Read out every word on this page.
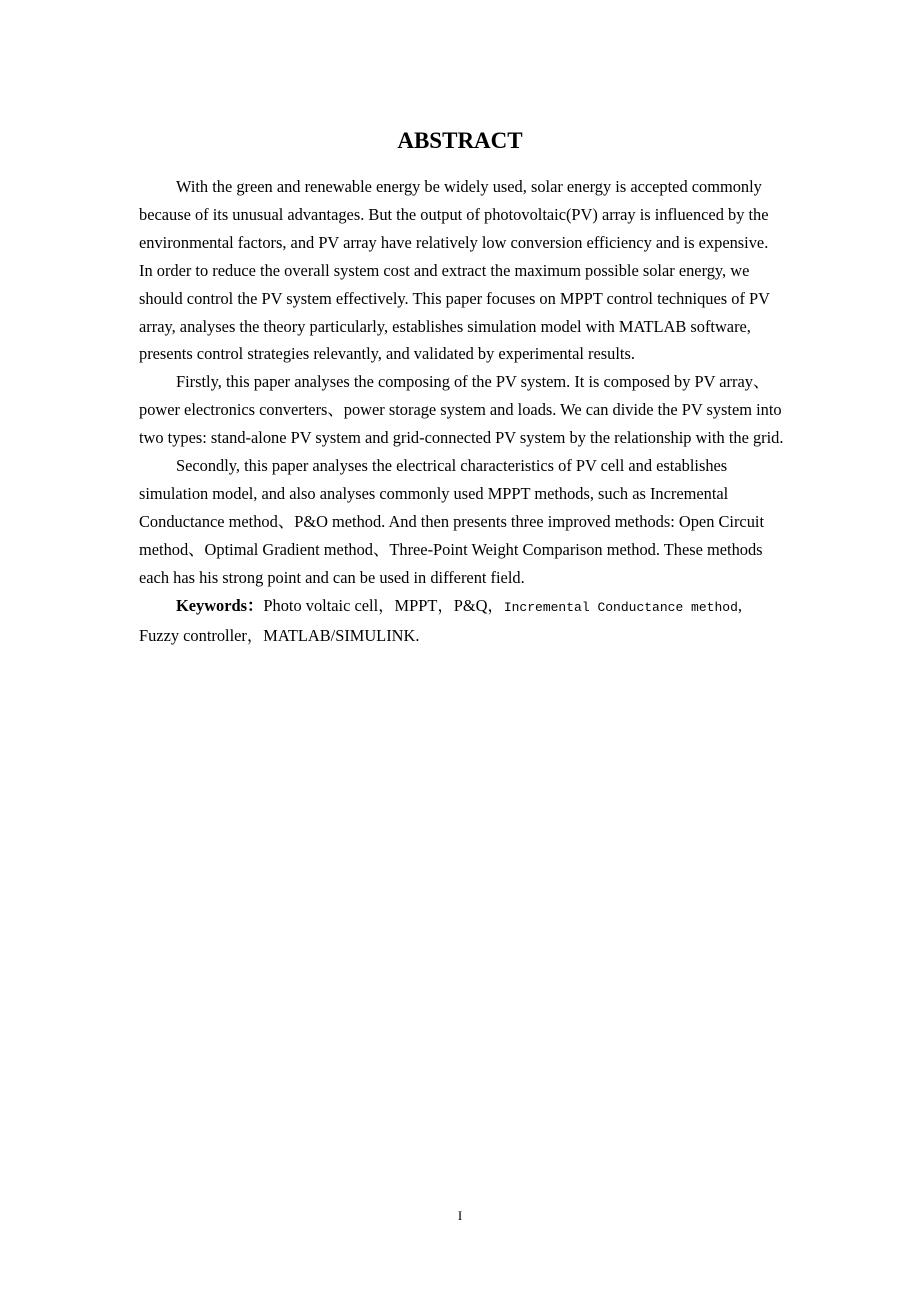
ABSTRACT

With the green and renewable energy be widely used, solar energy is accepted commonly because of its unusual advantages. But the output of photovoltaic(PV) array is influenced by the environmental factors, and PV array have relatively low conversion efficiency and is expensive. In order to reduce the overall system cost and extract the maximum possible solar energy, we should control the PV system effectively. This paper focuses on MPPT control techniques of PV array, analyses the theory particularly, establishes simulation model with MATLAB software, presents control strategies relevantly, and validated by experimental results.

Firstly, this paper analyses the composing of the PV system. It is composed by PV array、power electronics converters、power storage system and loads. We can divide the PV system into two types: stand-alone PV system and grid-connected PV system by the relationship with the grid.

Secondly, this paper analyses the electrical characteristics of PV cell and establishes simulation model, and also analyses commonly used MPPT methods, such as Incremental Conductance method、P&O method. And then presents three improved methods: Open Circuit method、Optimal Gradient method、Three-Point Weight Comparison method. These methods each has his strong point and can be used in different field.

Keywords：Photo voltaic cell，MPPT，P&Q，Incremental Conductance method, Fuzzy controller，MATLAB/SIMULINK.

I
